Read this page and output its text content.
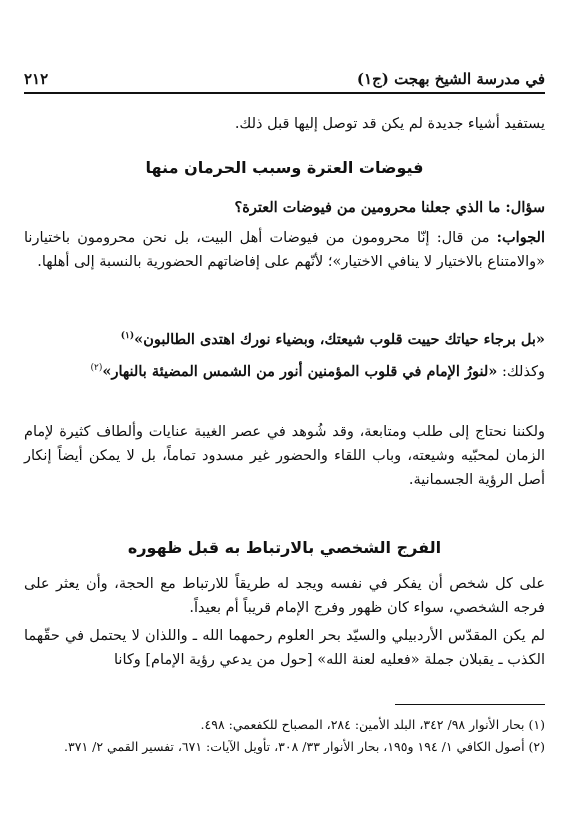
في مدرسة الشيخ بهجت (ج١)
٢١٢
يستفيد أشياء جديدة لم يكن قد توصل إليها قبل ذلك.
فيوضات العترة وسبب الحرمان منها
سؤال: ما الذي جعلنا محرومين من فيوضات العترة؟
الجواب: من قال: إنّا محرومون من فيوضات أهل البيت، بل نحن محرومون باختيارنا «والامتناع بالاختيار لا ينافي الاختيار»؛ لأنّهم على إفاضاتهم الحضورية بالنسبة إلى أهلها.
«بل برجاء حياتك حييت قلوب شيعتك، وبضياء نورك اهتدى الطالبون»$^{(١)}$
وكذلك: «لنورُ الإمام في قلوب المؤمنين أنور من الشمس المضيئة بالنهار»$^{(٢)}$
ولكننا نحتاج إلى طلب ومتابعة، وقد شُوهد في عصر الغيبة عنايات وألطاف كثيرة لإمام الزمان لمحبّيه وشيعته، وباب اللقاء والحضور غير مسدود تماماً، بل لا يمكن أيضاً إنكار أصل الرؤية الجسمانية.
الفرج الشخصي بالارتباط به قبل ظهوره
على كل شخص أن يفكر في نفسه ويجد له طريقاً للارتباط مع الحجة، وأن يعثر على فرجه الشخصي، سواء كان ظهور وفرج الإمام قريباً أم بعيداً.
لم يكن المقدّس الأردبيلي والسيّد بحر العلوم رحمهما الله ـ واللذان لا يحتمل في حقّهما الكذب ـ يقبلان جملة «فعليه لعنة الله» [حول من يدعي رؤية الإمام] وكانا
(١) بحار الأنوار ٩٨/ ٣٤٢، البلد الأمين: ٢٨٤، المصباح للكفعمي: ٤٩٨.
(٢) أصول الكافي ١/ ١٩٤ و١٩٥، بحار الأنوار ٣٣/ ٣٠٨، تأويل الآيات: ٦٧١، تفسير القمي ٢/ ٣٧١.
